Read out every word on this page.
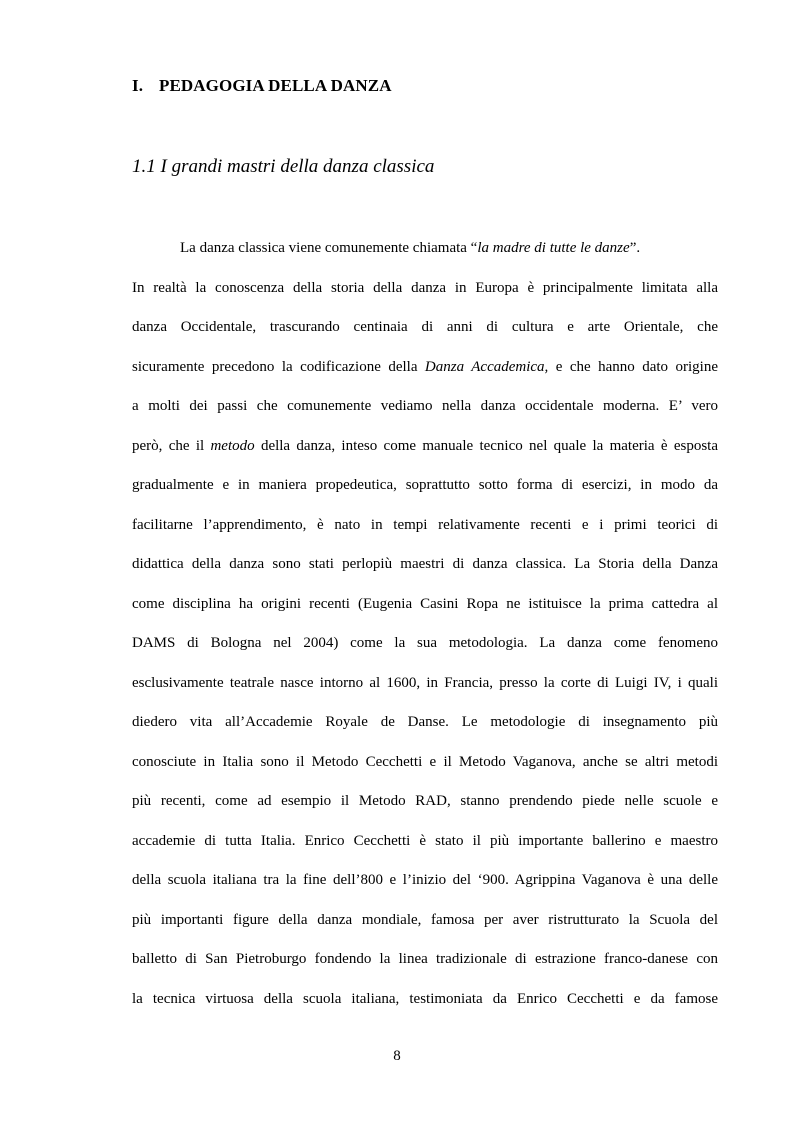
I. PEDAGOGIA DELLA DANZA
1.1 I grandi mastri della danza classica
La danza classica viene comunemente chiamata “la madre di tutte le danze”.
In realtà la conoscenza della storia della danza in Europa è principalmente limitata alla
danza Occidentale, trascurando centinaia di anni di cultura e arte Orientale, che
sicuramente precedono la codificazione della Danza Accademica, e che hanno dato origine
a molti dei passi che comunemente vediamo nella danza occidentale moderna. E’ vero
però, che il metodo della danza, inteso come manuale tecnico nel quale la materia è esposta
gradualmente e in maniera propedeutica, soprattutto sotto forma di esercizi, in modo da
facilitarne l’apprendimento, è nato in tempi relativamente recenti e i primi teorici di
didattica della danza sono stati perlopiù maestri di danza classica. La Storia della Danza
come disciplina ha origini recenti (Eugenia Casini Ropa ne istituisce la prima cattedra al
DAMS di Bologna nel 2004) come la sua metodologia. La danza come fenomeno
esclusivamente teatrale nasce intorno al 1600, in Francia, presso la corte di Luigi IV, i quali
diedero vita all’Accademie Royale de Danse. Le metodologie di insegnamento più
conosciute in Italia sono il Metodo Cecchetti e il Metodo Vaganova, anche se altri metodi
più recenti, come ad esempio il Metodo RAD, stanno prendendo piede nelle scuole e
accademie di tutta Italia. Enrico Cecchetti è stato il più importante ballerino e maestro
della scuola italiana tra la fine dell’800 e l’inizio del ‘900. Agrippina Vaganova è una delle
più importanti figure della danza mondiale, famosa per aver ristrutturato la Scuola del
balletto di San Pietroburgo fondendo la linea tradizionale di estrazione franco-danese con
la tecnica virtuosa della scuola italiana, testimoniata da Enrico Cecchetti e da famose
8
